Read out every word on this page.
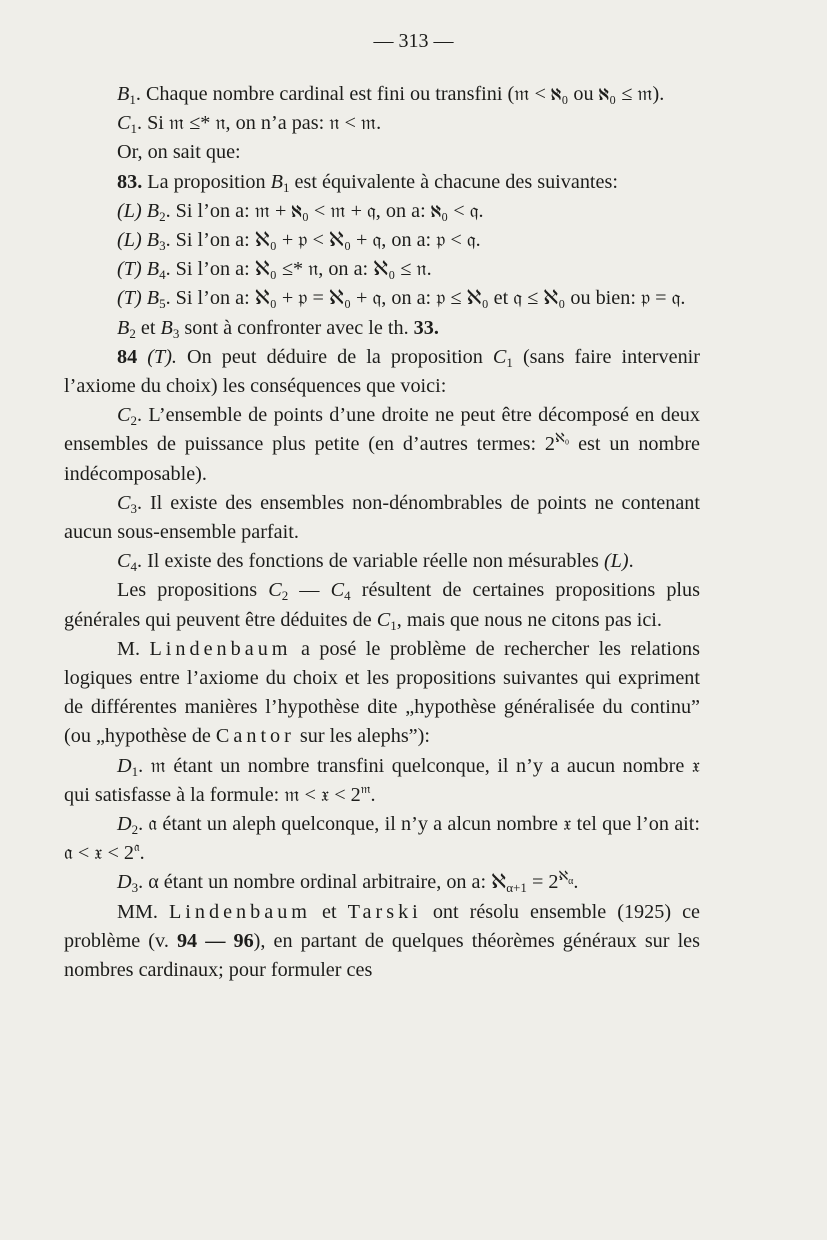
— 313 —

$B_1$. Chaque nombre cardinal est fini ou transfini (𝔪 < ℵ₀ ou ℵ₀ ≤ 𝔪).

$C_1$. Si 𝔪 ≤* 𝔫, on n’a pas: 𝔫 < 𝔪.

Or, on sait que:

83. La proposition $B_1$ est équivalente à chacune des suivantes:

(L) $B_2$. Si l’on a: 𝔪 + ℵ₀ < 𝔪 + 𝔮, on a: ℵ₀ < 𝔮.

(L) $B_3$. Si l’on a: ℵ₀ + 𝔭 < ℵ₀ + 𝔮, on a: 𝔭 < 𝔮.

(T) $B_4$. Si l’on a: ℵ₀ ≤* 𝔫, on a: ℵ₀ ≤ 𝔫.

(T) $B_5$. Si l’on a: ℵ₀ + 𝔭 = ℵ₀ + 𝔮, on a: 𝔭 ≤ ℵ₀ et 𝔮 ≤ ℵ₀ ou bien: 𝔭 = 𝔮.

$B_2$ et $B_3$ sont à confronter avec le th. 33.

84 (T). On peut déduire de la proposition $C_1$ (sans faire intervenir l’axiome du choix) les conséquences que voici:

$C_2$. L’ensemble de points d’une droite ne peut être décomposé en deux ensembles de puissance plus petite (en d’autres termes: $2^{ℵ_0}$ est un nombre indécomposable).

$C_3$. Il existe des ensembles non-dénombrables de points ne contenant aucun sous-ensemble parfait.

$C_4$. Il existe des fonctions de variable réelle non mésurables (L).

Les propositions $C_2$ — $C_4$ résultent de certaines propositions plus générales qui peuvent être déduites de $C_1$, mais que nous ne citons pas ici.

M. Lindenbaum a posé le problème de rechercher les relations logiques entre l’axiome du choix et les propositions suivantes qui expriment de différentes manières l’hypothèse dite „hypothèse généralisée du continu” (ou „hypothèse de Cantor sur les alephs”):

$D_1$. 𝔪 étant un nombre transfini quelconque, il n’y a aucun nombre 𝔵 qui satisfasse à la formule: 𝔪 < 𝔵 < $2^𝔪$.

$D_2$. 𝔞 étant un aleph quelconque, il n’y a alcun nombre 𝔵 tel que l’on ait: 𝔞 < 𝔵 < $2^𝔞$.

$D_3$. α étant un nombre ordinal arbitraire, on a: ℵ$_{\alpha+1}$ = $2^{ℵ_\alpha}$.

MM. Lindenbaum et Tarski ont résolu ensemble (1925) ce problème (v. 94 — 96), en partant de quelques théorèmes généraux sur les nombres cardinaux; pour formuler ces
